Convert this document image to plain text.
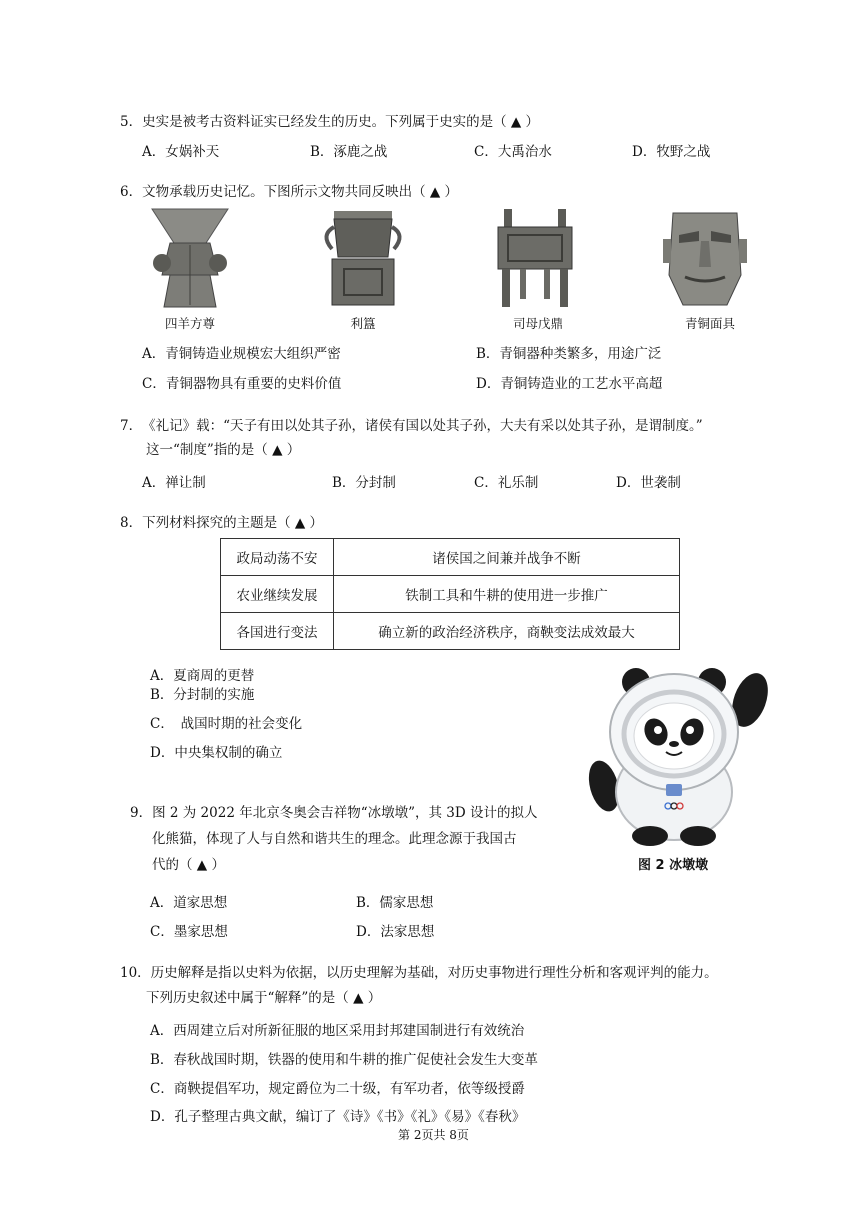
5．史实是被考古资料证实已经发生的历史。下列属于史实的是（ ▲ ）
A．女娲补天	B．涿鹿之战	C．大禹治水	D．牧野之战
6．文物承载历史记忆。下图所示文物共同反映出（ ▲ ）
四羊方尊	利簋	司母戊鼎	青铜面具
A．青铜铸造业规模宏大组织严密	B．青铜器种类繁多，用途广泛
C．青铜器物具有重要的史料价值	D．青铜铸造业的工艺水平高超
7．　《礼记》载：“天子有田以处其子孙，诸侯有国以处其子孙，大夫有采以处其子孙，是谓制度。”
这一“制度”指的是（ ▲ ）
A．禅让制	B．分封制	C．礼乐制	D．世袭制
8．下列材料探究的主题是（ ▲ ）
政局动荡不安	诸侯国之间兼并战争不断
农业继续发展	铁制工具和牛耕的使用进一步推广
各国进行变法	确立新的政治经济秩序，商鞅变法成效最大
A．夏商周的更替
B．分封制的实施
C．　战国时期的社会变化
D．中央集权制的确立
图 2 冰墩墩
9．图 2 为 2022 年北京冬奥会吉祥物“冰墩墩”，其 3D 设计的拟人
化熊猫，体现了人与自然和谐共生的理念。此理念源于我国古
代的（ ▲ ）
A．道家思想	B．儒家思想
C．墨家思想	D．法家思想
10．历史解释是指以史料为依据，以历史理解为基础，对历史事物进行理性分析和客观评判的能力。
下列历史叙述中属于“解释”的是（ ▲ ）
A．西周建立后对所新征服的地区采用封邦建国制进行有效统治
B．春秋战国时期，铁器的使用和牛耕的推广促使社会发生大变革
C．商鞅提倡军功，规定爵位为二十级，有军功者，依等级授爵
D．孔子整理古典文献，编订了《诗》《书》《礼》《易》《春秋》
第 2页共 8页
